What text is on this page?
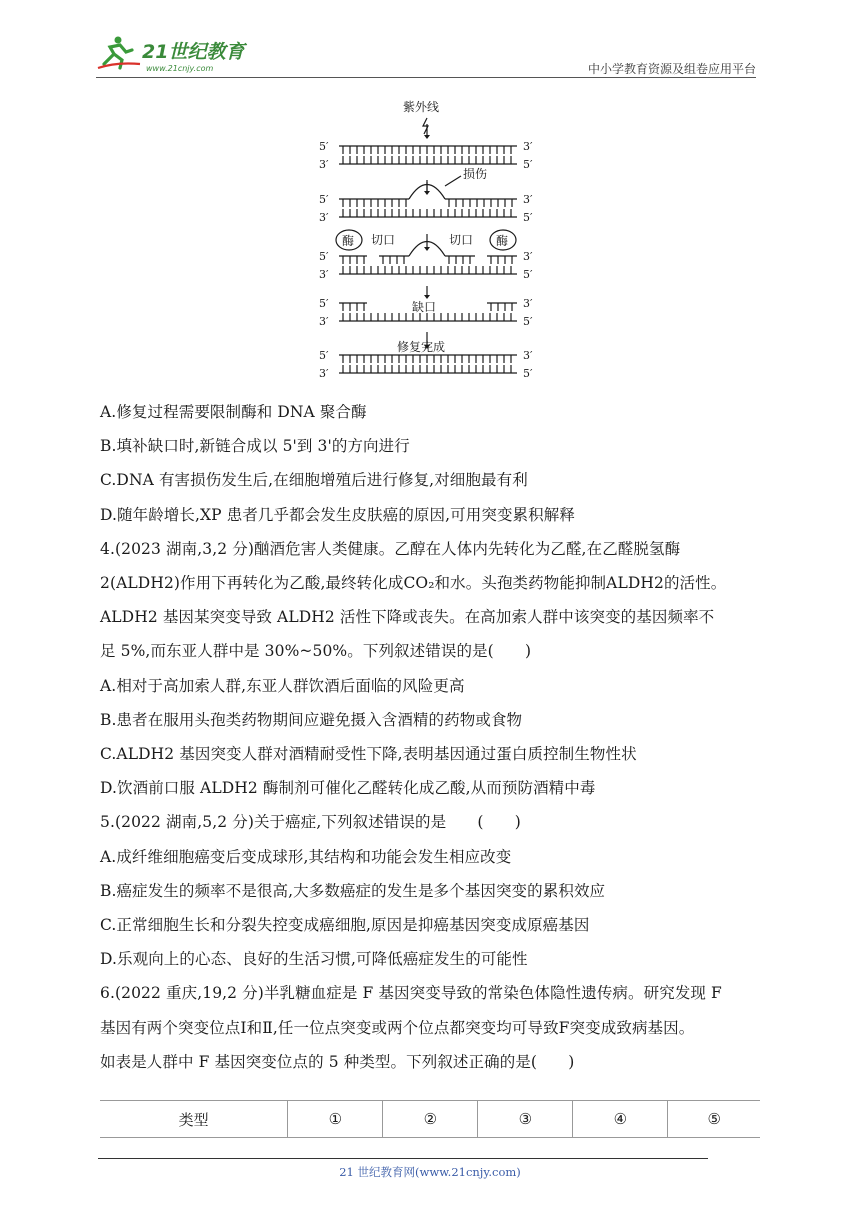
21世纪教育
www.21cnjy.com	中小学教育资源及组卷应用平台
5′	3′
3′	5′
5′	3′
3′	5′
5′	3′
3′	5′
5′	3′
3′	5′
5′	3′
3′	5′
紫外线
损伤
切口	切口
酶	酶
缺口
修复完成
A.修复过程需要限制酶和 DNA 聚合酶
B.填补缺口时,新链合成以 5'到 3'的方向进行
C.DNA 有害损伤发生后,在细胞增殖后进行修复,对细胞最有利
D.随年龄增长,XP 患者几乎都会发生皮肤癌的原因,可用突变累积解释
4.(2023 湖南,3,2 分)酗酒危害人类健康。乙醇在人体内先转化为乙醛,在乙醛脱氢酶
2(ALDH2)作用下再转化为乙酸,最终转化成CO₂和水。头孢类药物能抑制ALDH2的活性。
ALDH2 基因某突变导致 ALDH2 活性下降或丧失。在高加索人群中该突变的基因频率不
足 5%,而东亚人群中是 30%~50%。下列叙述错误的是(　　)
A.相对于高加索人群,东亚人群饮酒后面临的风险更高
B.患者在服用头孢类药物期间应避免摄入含酒精的药物或食物
C.ALDH2 基因突变人群对酒精耐受性下降,表明基因通过蛋白质控制生物性状
D.饮酒前口服 ALDH2 酶制剂可催化乙醛转化成乙酸,从而预防酒精中毒
5.(2022 湖南,5,2 分)关于癌症,下列叙述错误的是　　(　　)
A.成纤维细胞癌变后变成球形,其结构和功能会发生相应改变
B.癌症发生的频率不是很高,大多数癌症的发生是多个基因突变的累积效应
C.正常细胞生长和分裂失控变成癌细胞,原因是抑癌基因突变成原癌基因
D.乐观向上的心态、良好的生活习惯,可降低癌症发生的可能性
6.(2022 重庆,19,2 分)半乳糖血症是 F 基因突变导致的常染色体隐性遗传病。研究发现 F
基因有两个突变位点Ⅰ和Ⅱ,任一位点突变或两个位点都突变均可导致F突变成致病基因。
如表是人群中 F 基因突变位点的 5 种类型。下列叙述正确的是(　　)
类型	①	②	③	④	⑤
21 世纪教育网(www.21cnjy.com)
